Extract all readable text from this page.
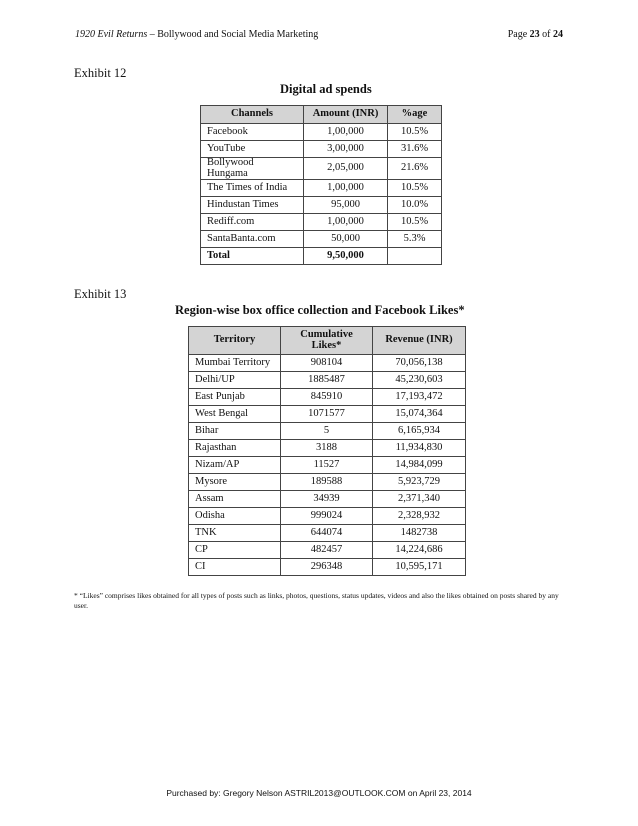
1920 Evil Returns – Bollywood and Social Media Marketing	Page 23 of 24
Exhibit 12
Digital ad spends
Channels	Amount (INR)	%age
Facebook	1,00,000	10.5%
YouTube	3,00,000	31.6%
Bollywood Hungama	2,05,000	21.6%
The Times of India	1,00,000	10.5%
Hindustan Times	95,000	10.0%
Rediff.com	1,00,000	10.5%
SantaBanta.com	50,000	5.3%
Total	9,50,000	
Exhibit 13
Region-wise box office collection and Facebook Likes*
Territory	Cumulative Likes*	Revenue (INR)
Mumbai Territory	908104	70,056,138
Delhi/UP	1885487	45,230,603
East Punjab	845910	17,193,472
West Bengal	1071577	15,074,364
Bihar	5	6,165,934
Rajasthan	3188	11,934,830
Nizam/AP	11527	14,984,099
Mysore	189588	5,923,729
Assam	34939	2,371,340
Odisha	999024	2,328,932
TNK	644074	1482738
CP	482457	14,224,686
CI	296348	10,595,171
* “Likes” comprises likes obtained for all types of posts such as links, photos, questions, status updates, videos and also the likes obtained on posts shared by any user.
Purchased by: Gregory Nelson ASTRIL2013@OUTLOOK.COM on April 23, 2014
